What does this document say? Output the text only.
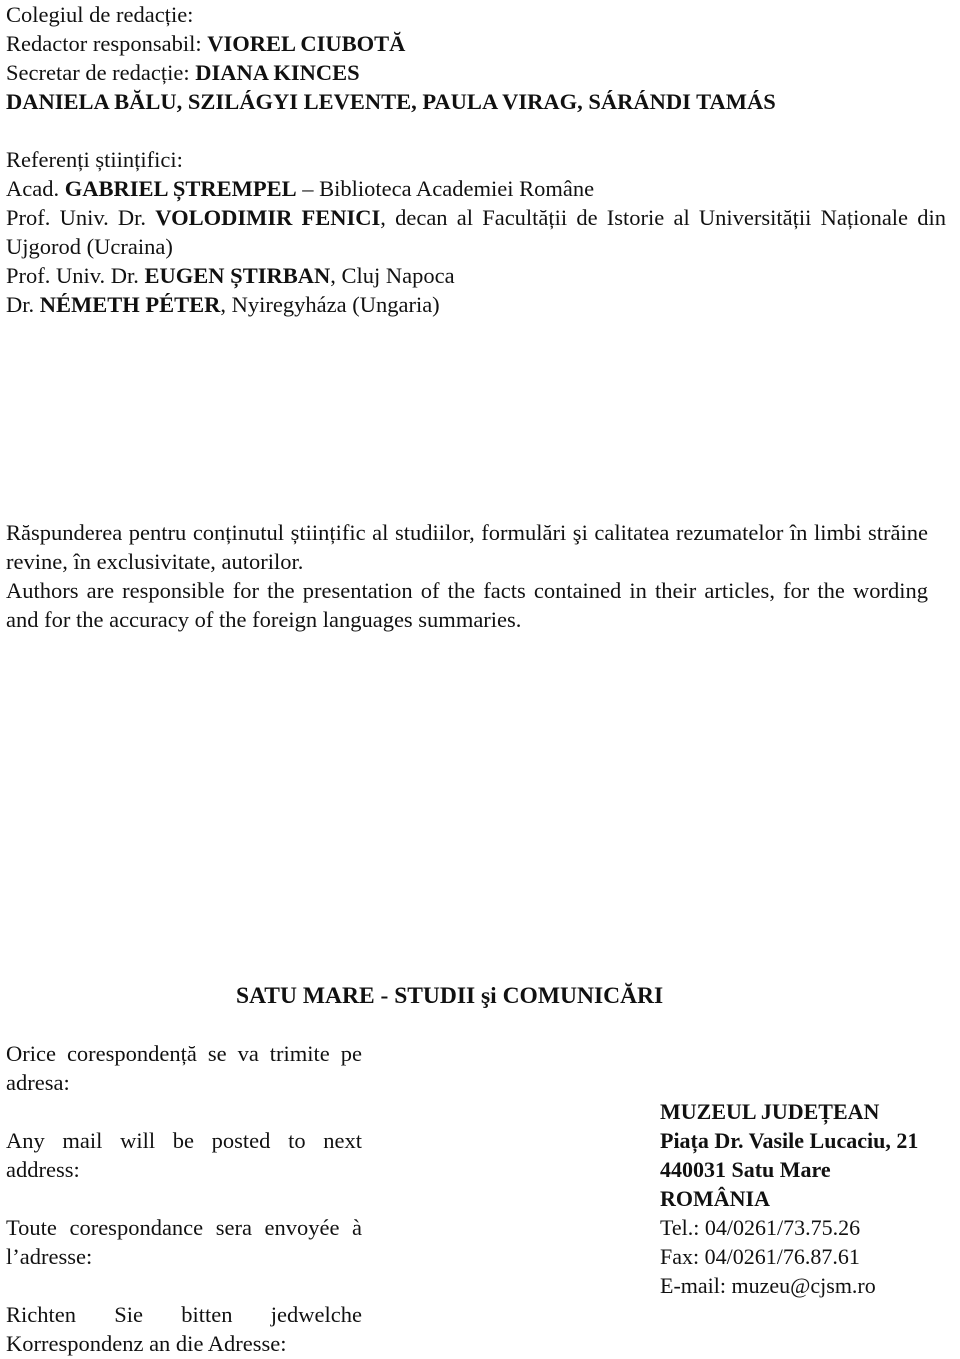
Colegiul de redacție:
Redactor responsabil: VIOREL CIUBOTĂ
Secretar de redacție: DIANA KINCES
DANIELA BĂLU, SZILÁGYI LEVENTE, PAULA VIRAG, SÁRÁNDI TAMÁS
Referenți științifici:
Acad. GABRIEL ȘTREMPEL – Biblioteca Academiei Române
Prof. Univ. Dr. VOLODIMIR FENICI, decan al Facultății de Istorie al Universității Naționale din Ujgorod (Ucraina)
Prof. Univ. Dr. EUGEN ȘTIRBAN, Cluj Napoca
Dr. NÉMETH PÉTER, Nyiregyháza (Ungaria)

Răspunderea pentru conținutul științific al studiilor, formulări şi calitatea rezumatelor în limbi străine revine, în exclusivitate, autorilor.

Authors are responsible for the presentation of the facts contained in their articles, for the wording and for the accuracy of the foreign languages summaries.

SATU MARE - STUDII şi COMUNICĂRI

Orice corespondență se va trimite pe adresa:

Any mail will be posted to next address:

Toute corespondance sera envoyée à l’adresse:

Richten Sie bitten jedwelche Korrespondenz an die Adresse:

MUZEUL JUDEȚEAN
Piața Dr. Vasile Lucaciu, 21
440031 Satu Mare
ROMÂNIA
Tel.: 04/0261/73.75.26
Fax: 04/0261/76.87.61
E-mail: muzeu@cjsm.ro
